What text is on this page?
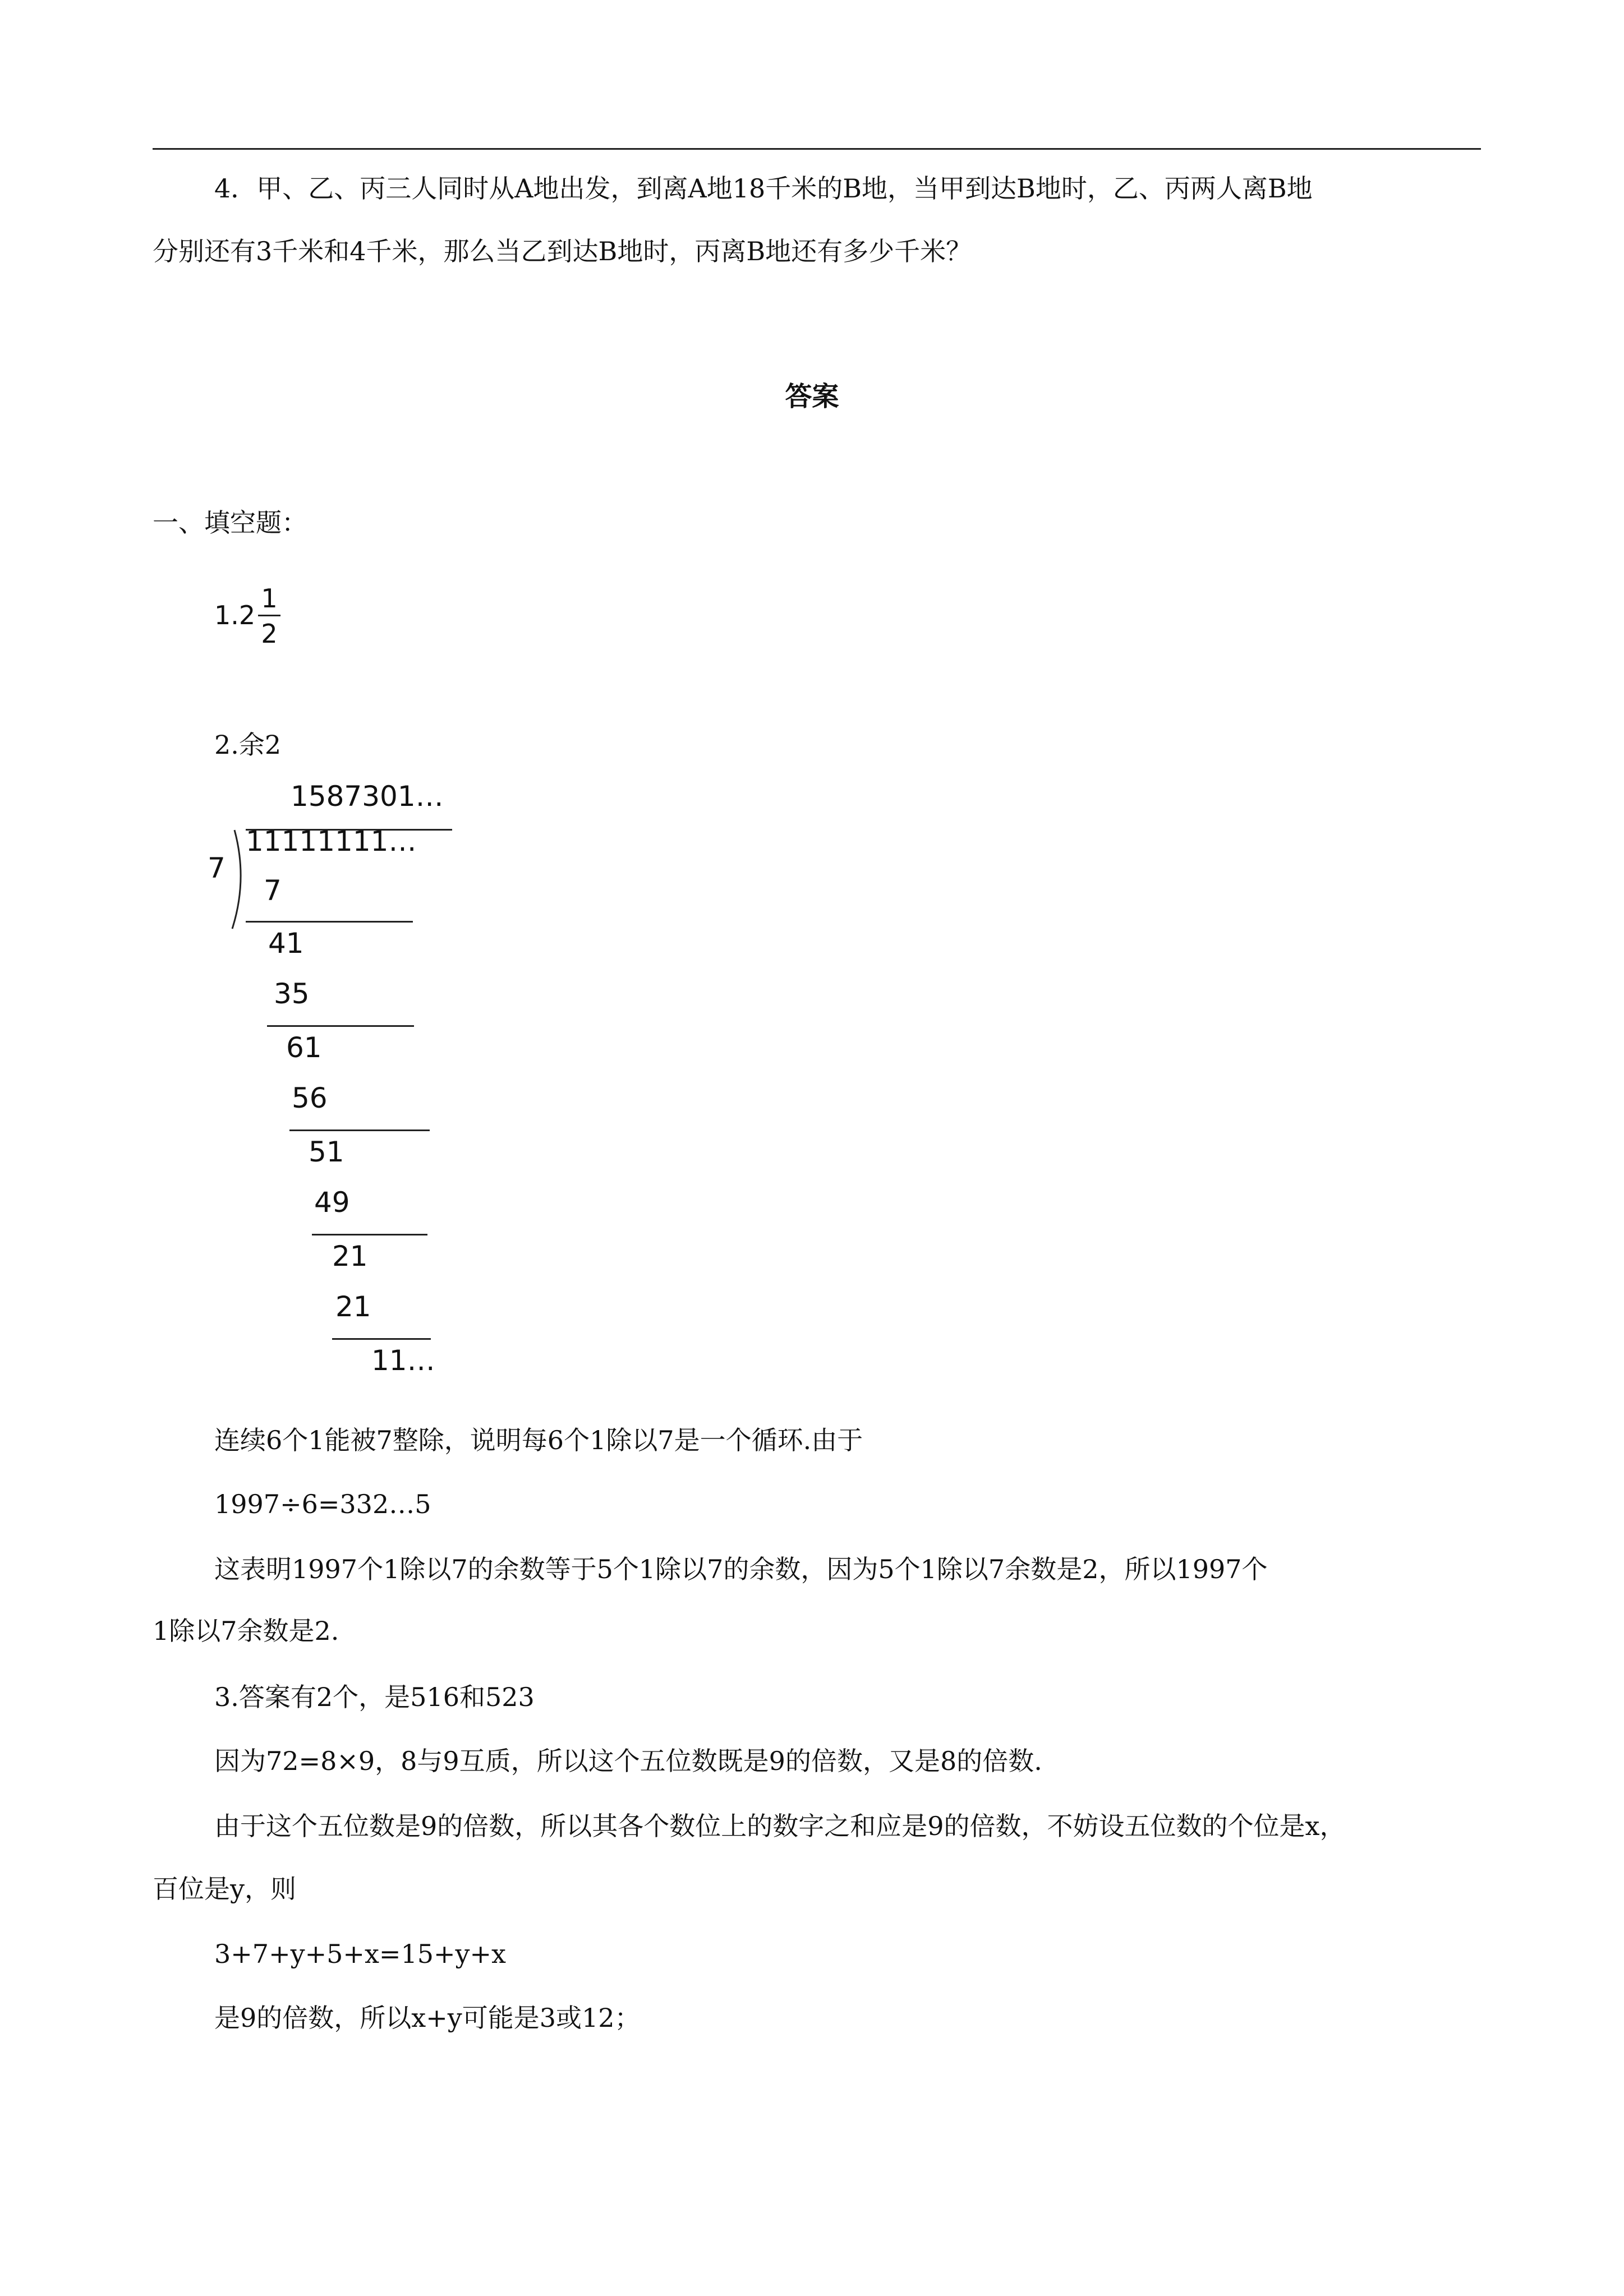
4．甲、乙、丙三人同时从A地出发，到离A地18千米的B地，当甲到达B地时，乙、丙两人离B地
分别还有3千米和4千米，那么当乙到达B地时，丙离B地还有多少千米？
答案
一、填空题：
1.2
1
2
2.余2
1587301…
7
11111111…
7
41
35
61
56
51
49
21
21
11…
连续6个1能被7整除，说明每6个1除以7是一个循环.由于
1997÷6=332…5
这表明1997个1除以7的余数等于5个1除以7的余数，因为5个1除以7余数是2，所以1997个
1除以7余数是2.
3.答案有2个，是516和523
因为72=8×9，8与9互质，所以这个五位数既是9的倍数，又是8的倍数.
由于这个五位数是9的倍数，所以其各个数位上的数字之和应是9的倍数，不妨设五位数的个位是x，
百位是y，则
3+7+y+5+x=15+y+x
是9的倍数，所以x+y可能是3或12；
